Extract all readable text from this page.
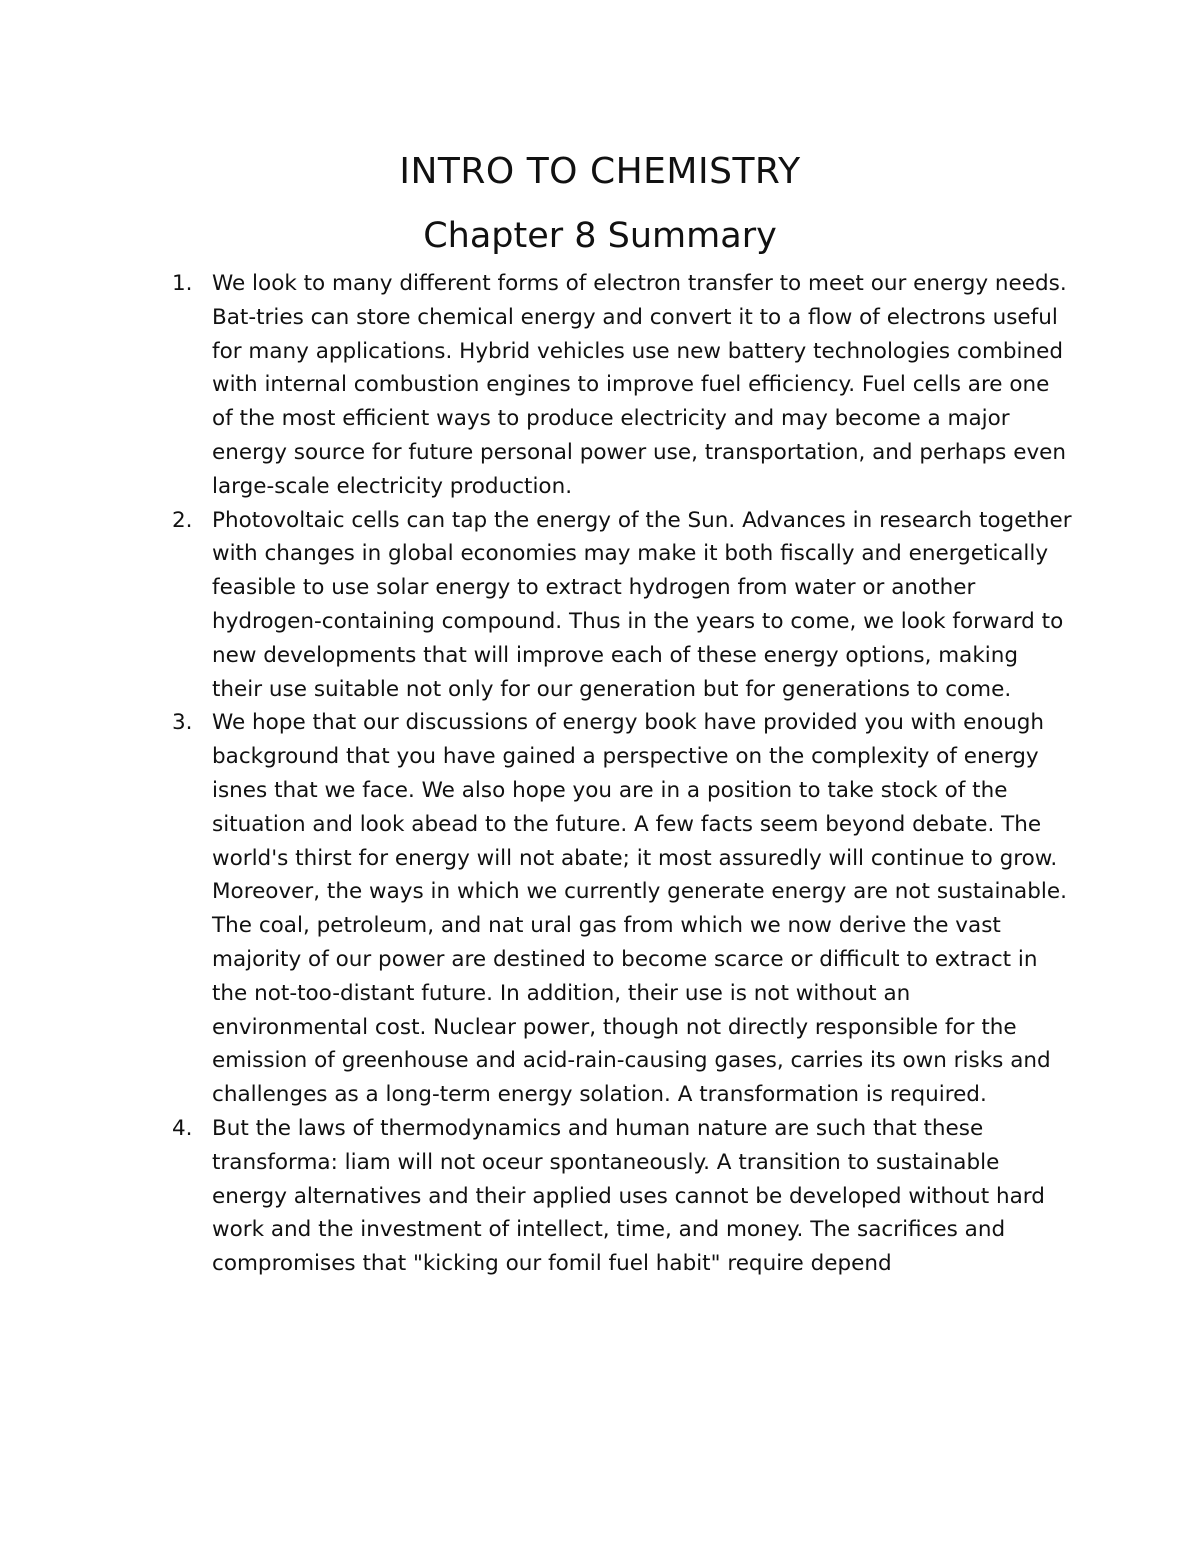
INTRO TO CHEMISTRY
Chapter 8 Summary
1. We look to many different forms of electron transfer to meet our energy needs. Bat-tries can store chemical energy and convert it to a flow of electrons useful for many applications. Hybrid vehicles use new battery technologies combined with internal combustion engines to improve fuel efficiency. Fuel cells are one of the most efficient ways to produce electricity and may become a major energy source for future personal power use, transportation, and perhaps even large-scale electricity production.
2. Photovoltaic cells can tap the energy of the Sun. Advances in research together with changes in global economies may make it both fiscally and energetically feasible to use solar energy to extract hydrogen from water or another hydrogen-containing compound. Thus in the years to come, we look forward to new developments that will improve each of these energy options, making their use suitable not only for our generation but for generations to come.
3. We hope that our discussions of energy book have provided you with enough background that you have gained a perspective on the complexity of energy isnes that we face. We also hope you are in a position to take stock of the situation and look abead to the future. A few facts seem beyond debate. The world's thirst for energy will not abate; it most assuredly will continue to grow. Moreover, the ways in which we currently generate energy are not sustainable. The coal, petroleum, and nat ural gas from which we now derive the vast majority of our power are destined to become scarce or difficult to extract in the not-too-distant future. In addition, their use is not without an environmental cost. Nuclear power, though not directly responsible for the emission of greenhouse and acid-rain-causing gases, carries its own risks and challenges as a long-term energy solation. A transformation is required.
4. But the laws of thermodynamics and human nature are such that these transforma: liam will not oceur spontaneously. A transition to sustainable energy alternatives and their applied uses cannot be developed without hard work and the investment of intellect, time, and money. The sacrifices and compromises that "kicking our fomil fuel habit" require depend
